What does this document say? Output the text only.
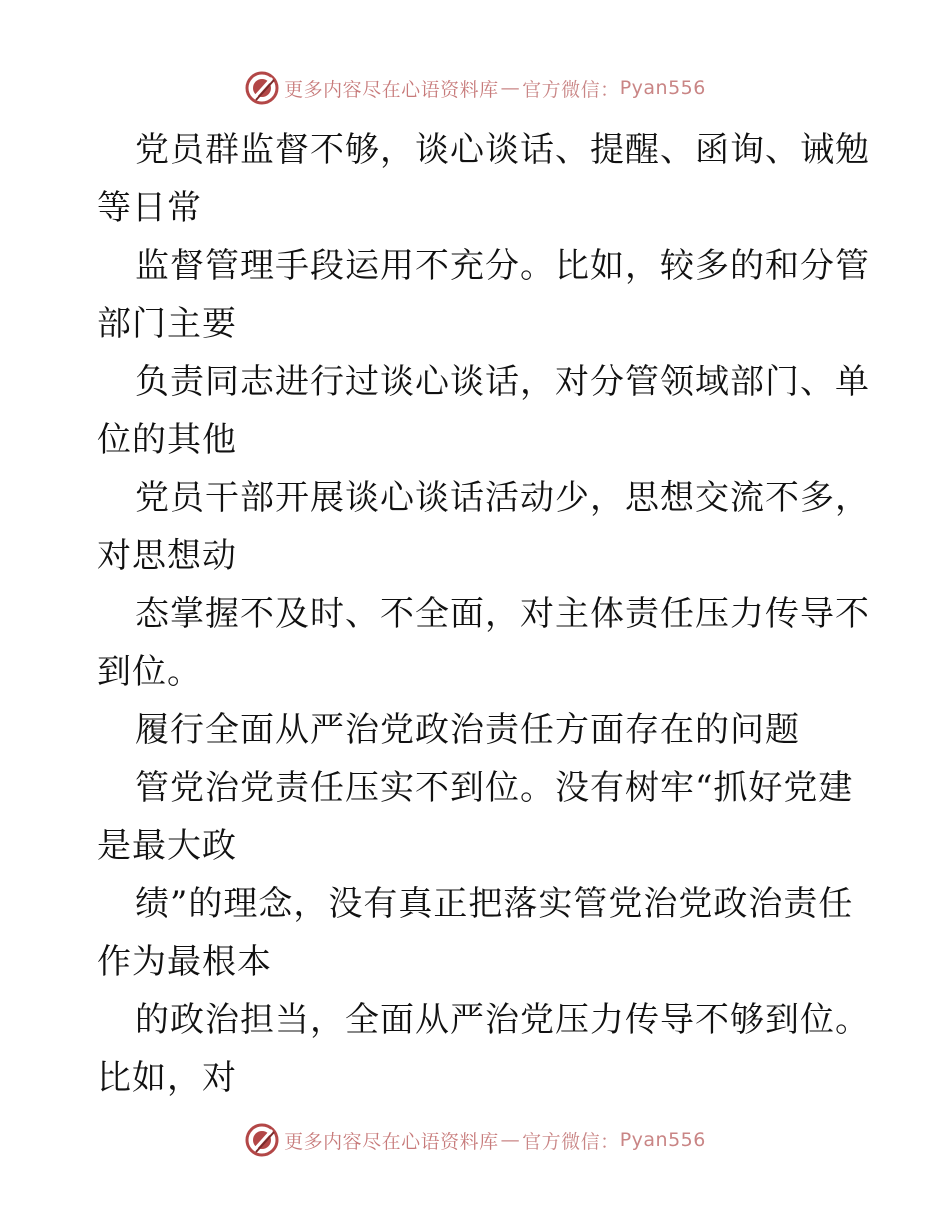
更多内容尽在心语资料库 — 官方微信： Pyan556
党员群监督不够，谈心谈话、提醒、函询、诫勉
等日常
监督管理手段运用不充分。比如，较多的和分管
部门主要
负责同志进行过谈心谈话，对分管领域部门、单
位的其他
党员干部开展谈心谈话活动少，思想交流不多，
对思想动
态掌握不及时、不全面，对主体责任压力传导不
到位。
履行全面从严治党政治责任方面存在的问题
管党治党责任压实不到位。没有树牢“抓好党建
是最大政
绩”的理念，没有真正把落实管党治党政治责任
作为最根本
的政治担当，全面从严治党压力传导不够到位。
比如，对
更多内容尽在心语资料库 — 官方微信： Pyan556
